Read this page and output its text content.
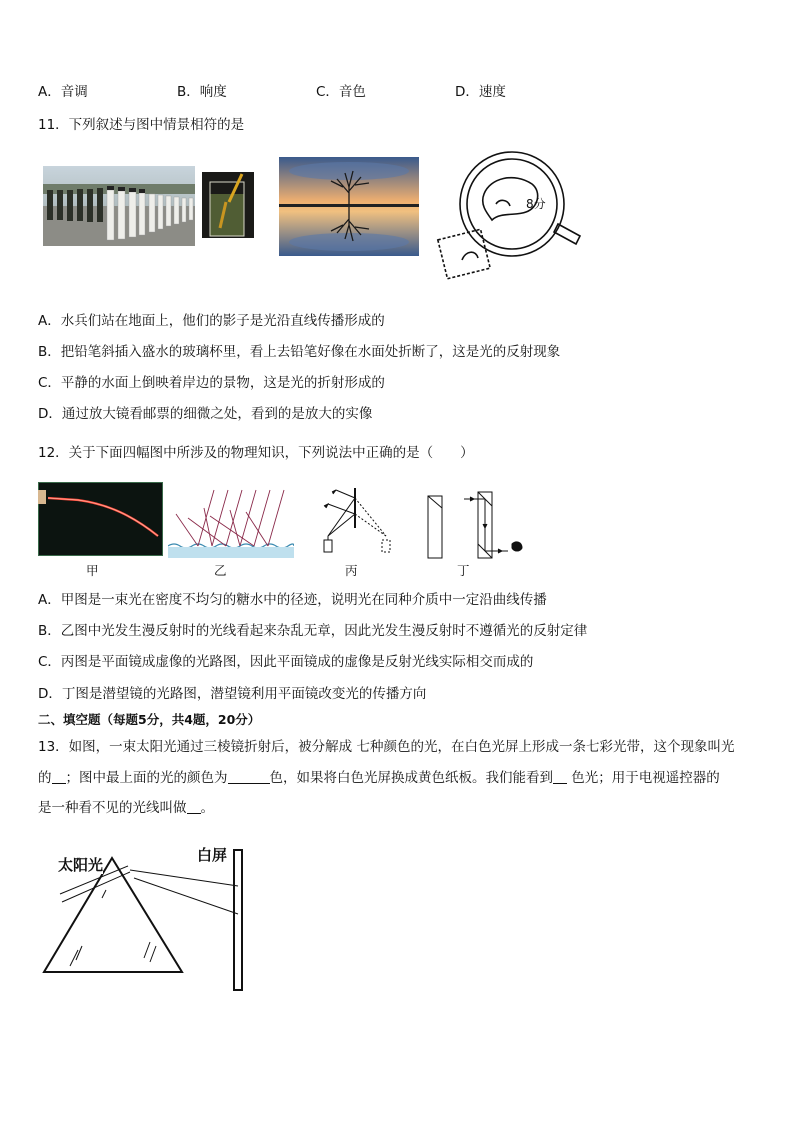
A．音调	B．响度	C．音色	D．速度
11．下列叙述与图中情景相符的是
8分
A．水兵们站在地面上，他们的影子是光沿直线传播形成的
B．把铅笔斜插入盛水的玻璃杯里，看上去铅笔好像在水面处折断了，这是光的反射现象
C．平静的水面上倒映着岸边的景物，这是光的折射形成的
D．通过放大镜看邮票的细微之处，看到的是放大的实像
12．关于下面四幅图中所涉及的物理知识，下列说法中正确的是（　　）
甲	乙	丙	丁
A．甲图是一束光在密度不均匀的糖水中的径迹，说明光在同种介质中一定沿曲线传播
B．乙图中光发生漫反射时的光线看起来杂乱无章，因此光发生漫反射时不遵循光的反射定律
C．丙图是平面镜成虚像的光路图，因此平面镜成的虚像是反射光线实际相交而成的
D．丁图是潜望镜的光路图，潜望镜利用平面镜改变光的传播方向
二、填空题（每题5分，共4题，20分）
13．如图，一束太阳光通过三棱镜折射后，被分解成 七种颜色的光，在白色光屏上形成一条七彩光带，这个现象叫光
的 ；图中最上面的光的颜色为	色，如果将白色光屏换成黄色纸板。我们能看到 色光；用于电视遥控器的
是一种看不见的光线叫做 。
太阳光
白屏
